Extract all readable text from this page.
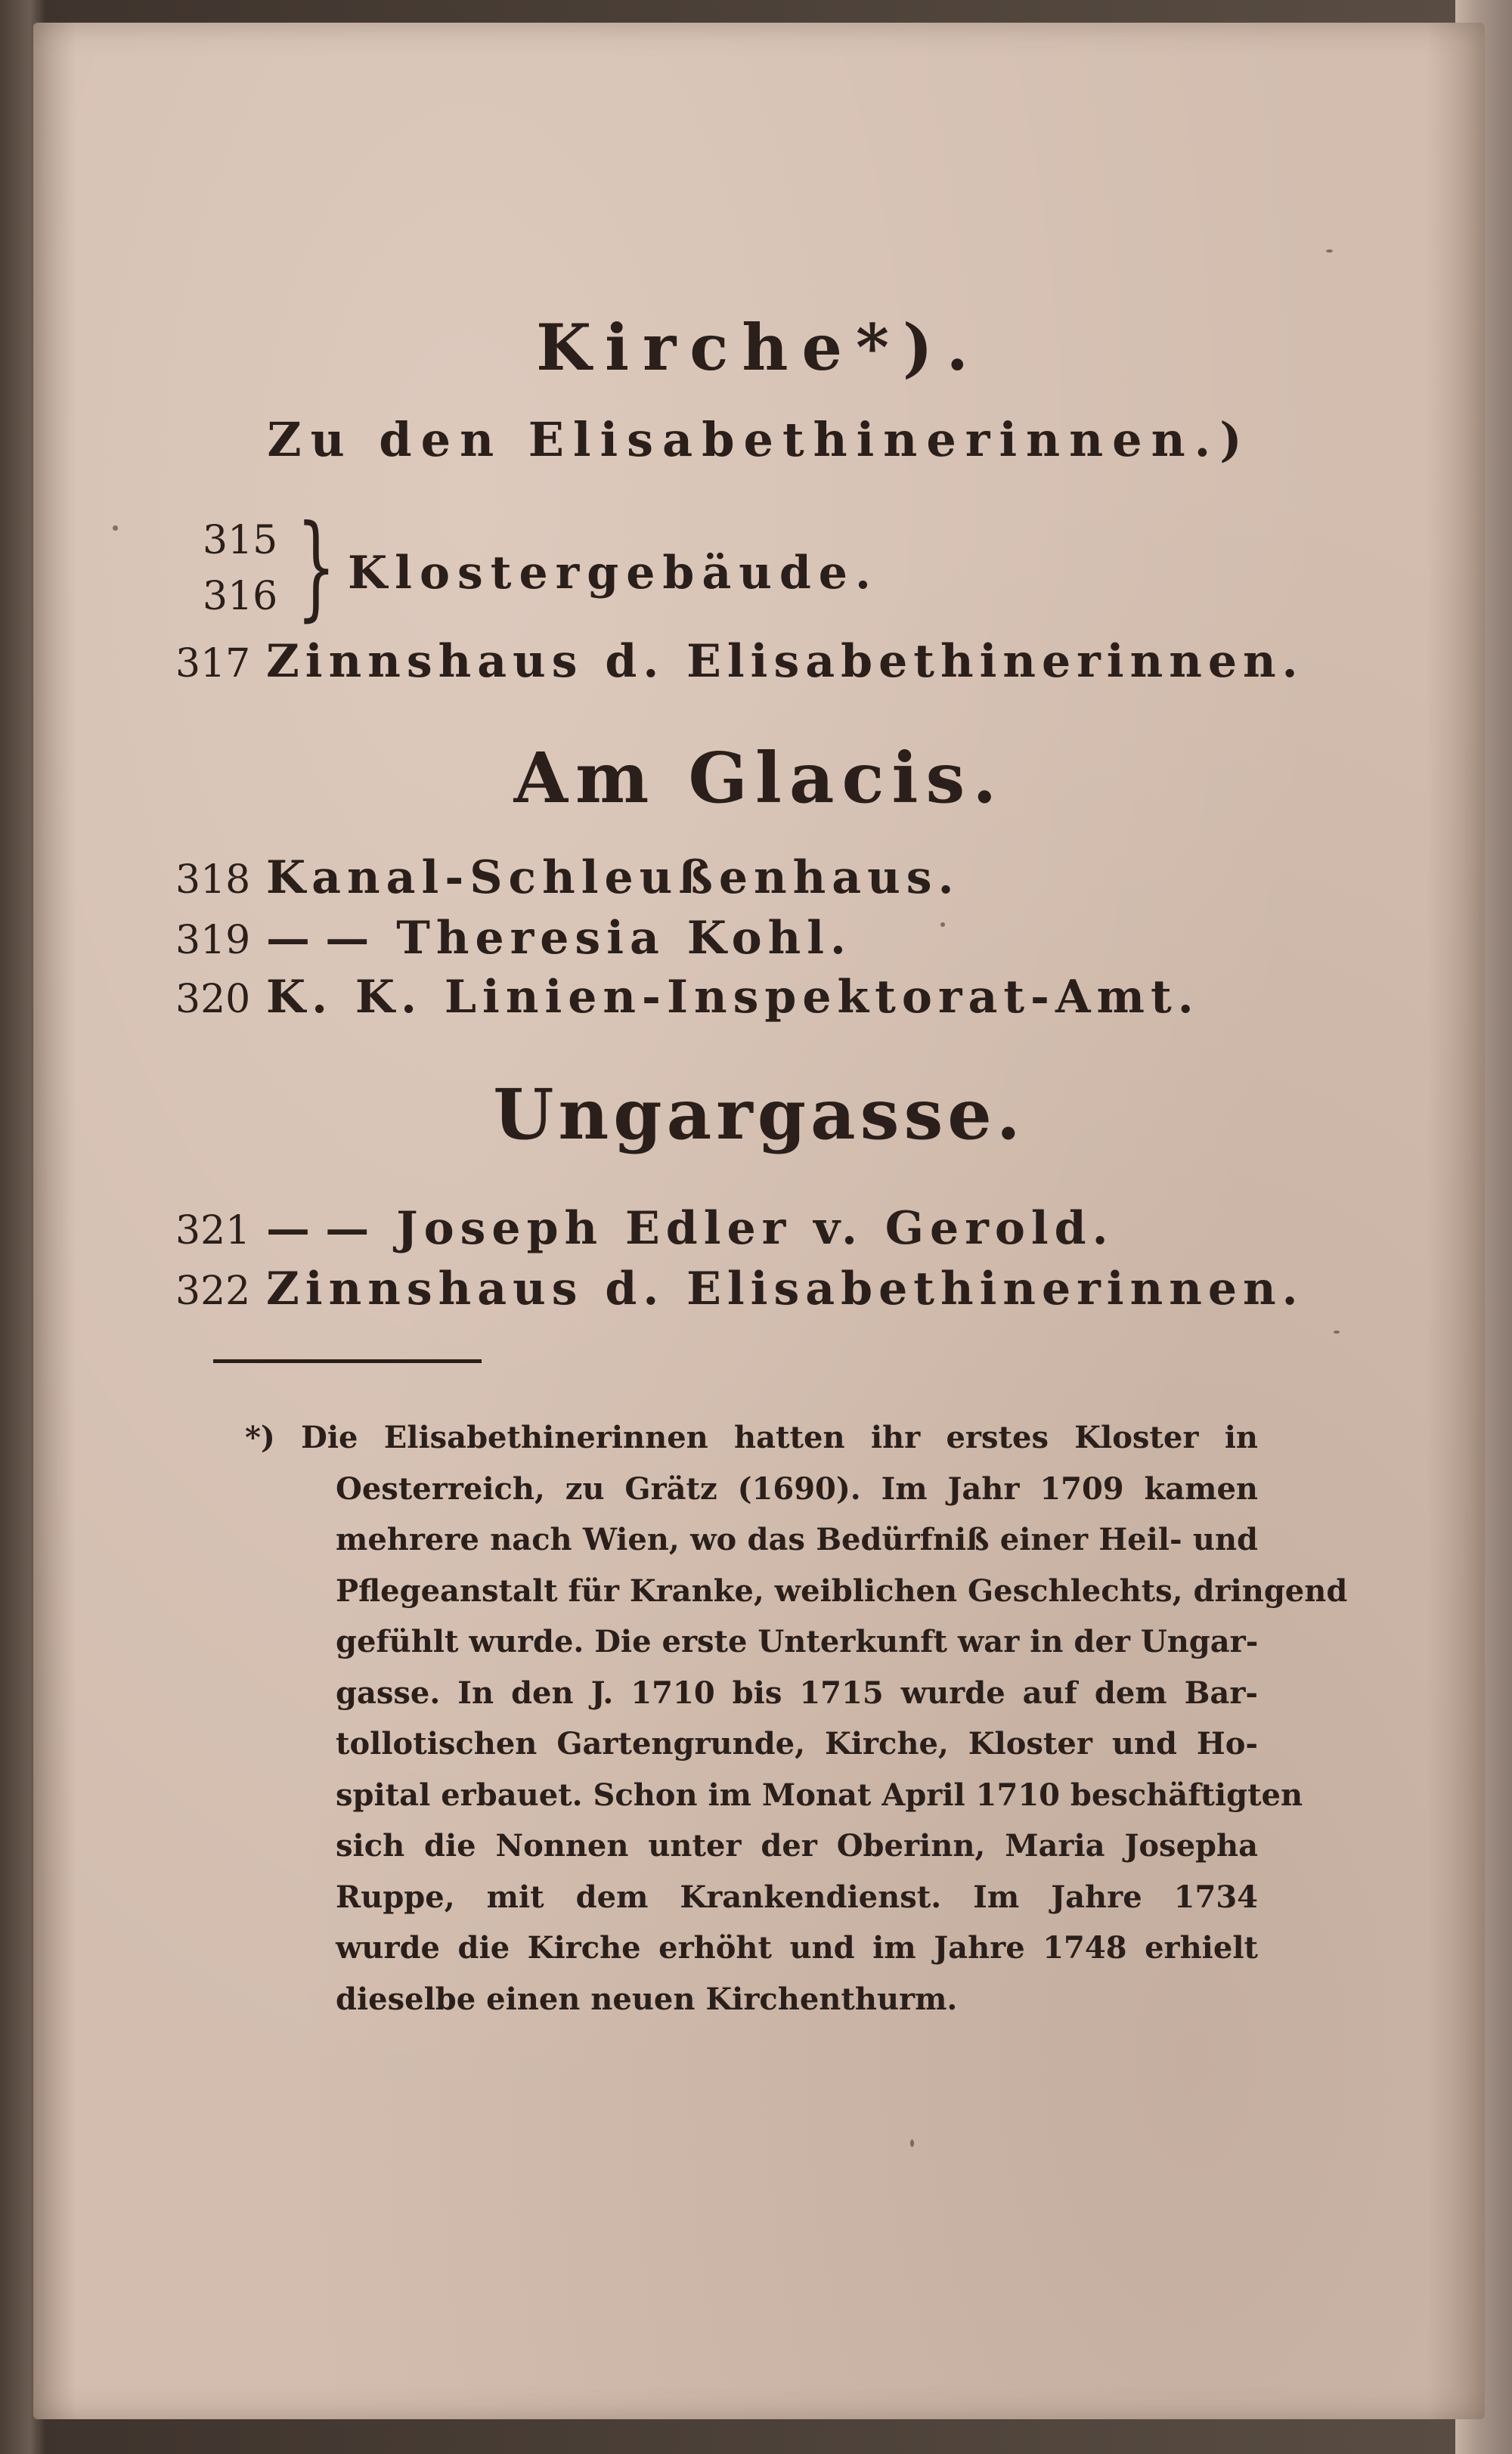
Kirche*).
Zu den Elisabethinerinnen.)
315
316 } Klostergebäude.
317 Zinnshaus d. Elisabethinerinnen.
Am Glacis.
318 Kanal-Schleußenhaus.
319 — — Theresia Kohl.
320 K. K. Linien-Inspektorat-Amt.
Ungargasse.
321 — — Joseph Edler v. Gerold.
322 Zinnshaus d. Elisabethinerinnen.
*) Die Elisabethinerinnen hatten ihr erstes Kloster in
Oesterreich, zu Grätz (1690). Im Jahr 1709 kamen
mehrere nach Wien, wo das Bedürfniß einer Heil- und
Pflegeanstalt für Kranke, weiblichen Geschlechts, dringend
gefühlt wurde. Die erste Unterkunft war in der Ungar-
gasse. In den J. 1710 bis 1715 wurde auf dem Bar-
tollotischen Gartengrunde, Kirche, Kloster und Ho-
spital erbauet. Schon im Monat April 1710 beschäftigten
sich die Nonnen unter der Oberinn, Maria Josepha
Ruppe, mit dem Krankendienst. Im Jahre 1734
wurde die Kirche erhöht und im Jahre 1748 erhielt
dieselbe einen neuen Kirchenthurm.
